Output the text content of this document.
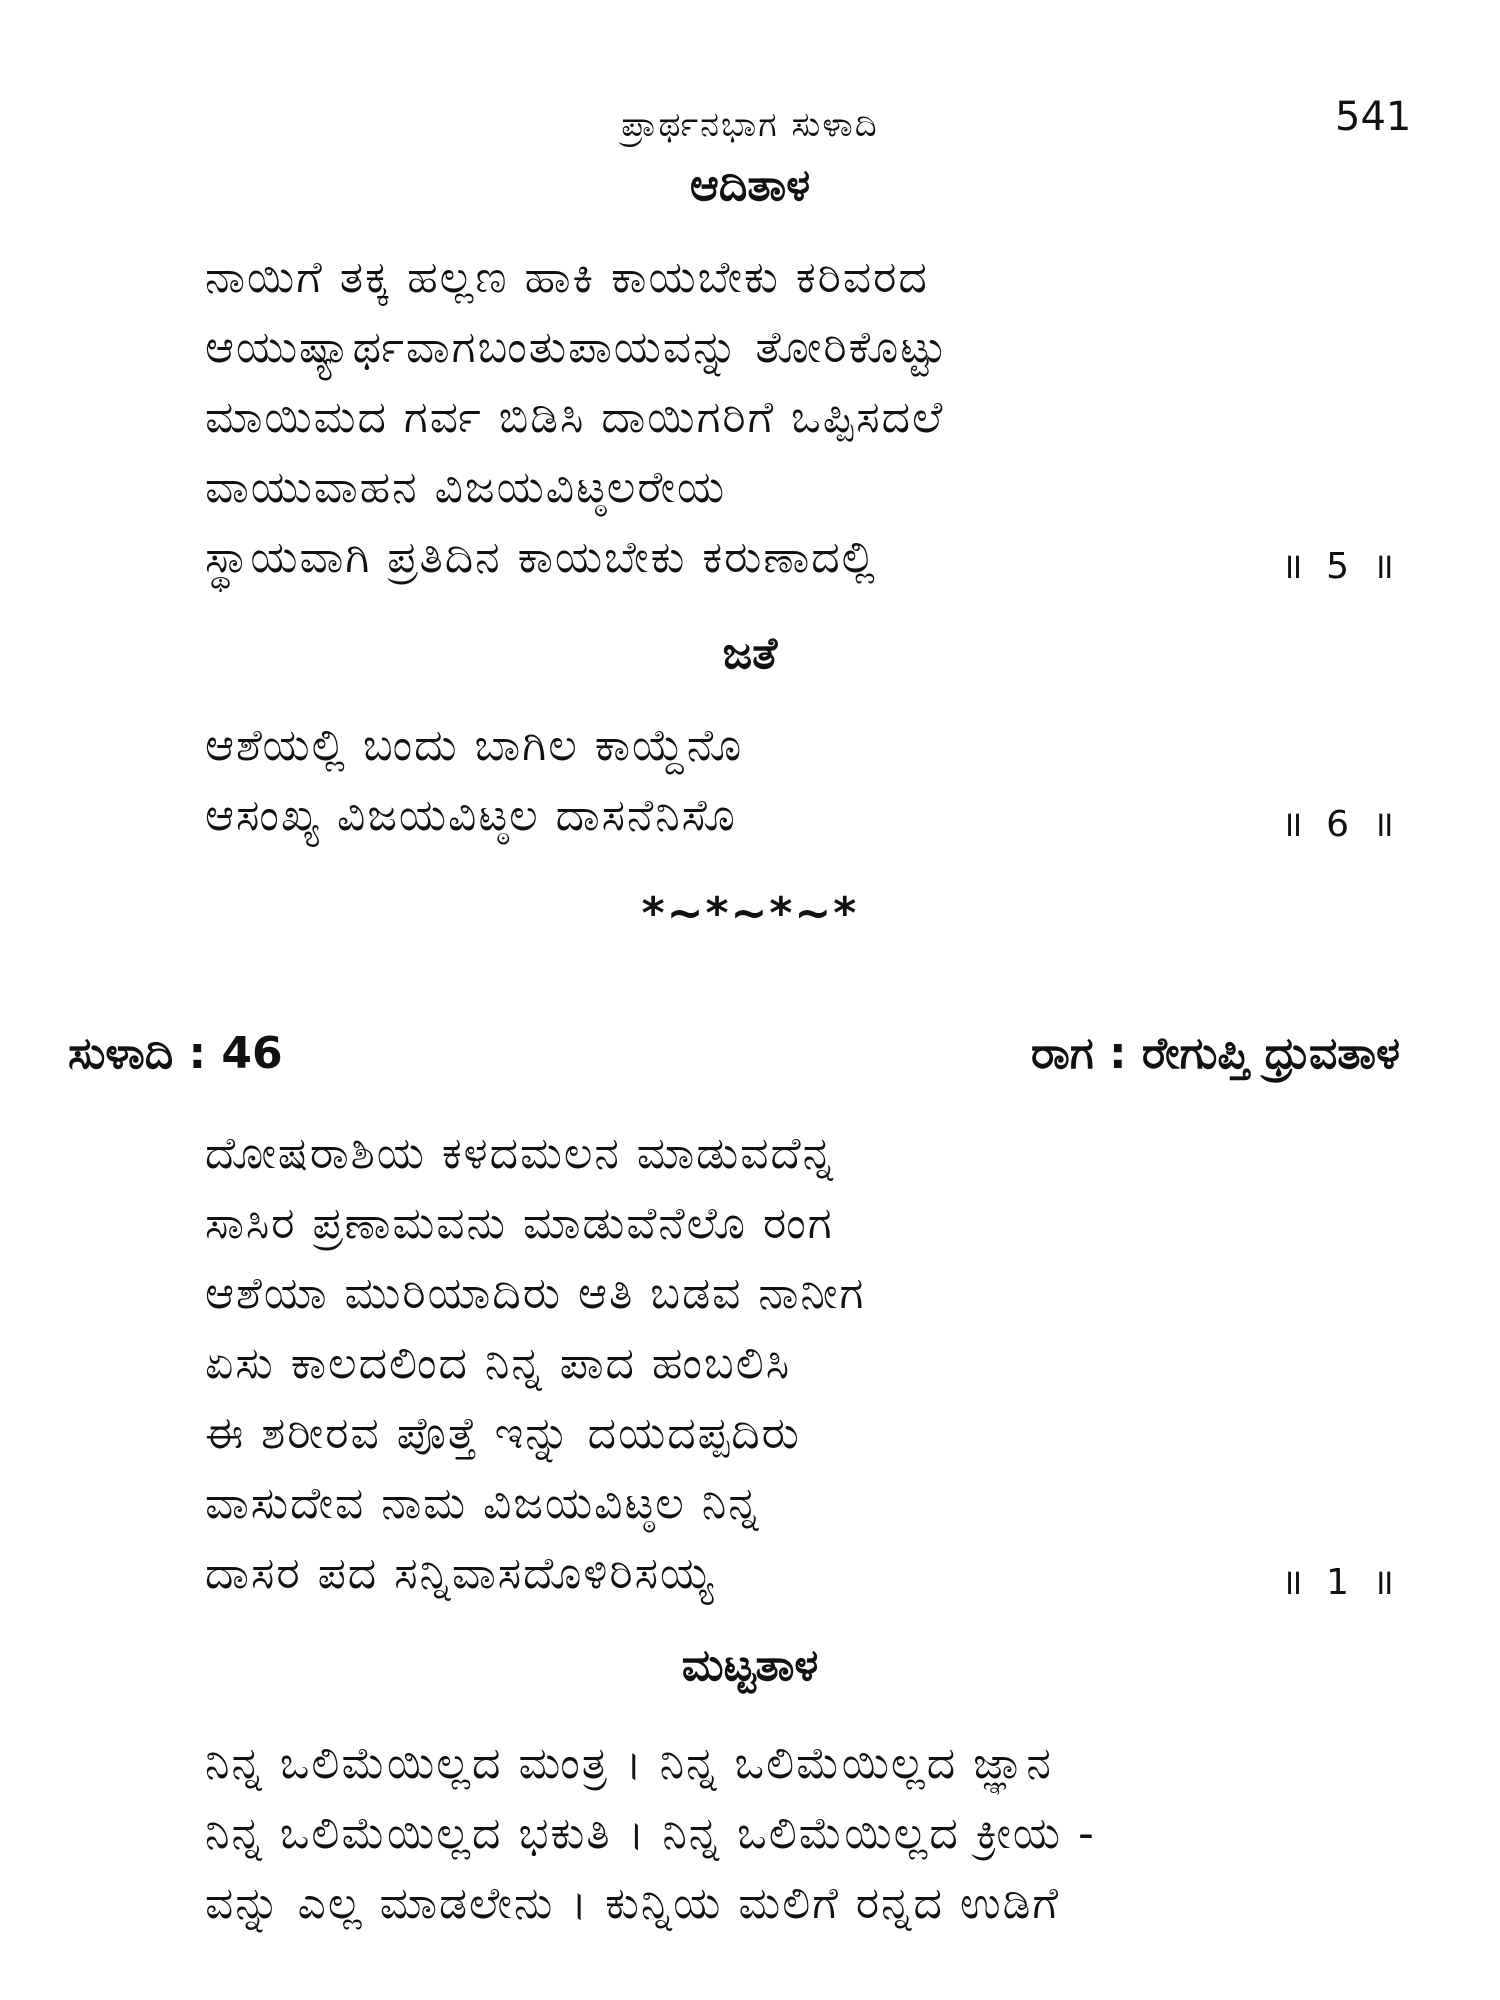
ಪ್ರಾರ್ಥನಭಾಗ ಸುಳಾದಿ	541
ಆದಿತಾಳ
ನಾಯಿಗೆ ತಕ್ಕ ಹಲ್ಲಣ ಹಾಕಿ ಕಾಯಬೇಕು ಕರಿವರದ
ಆಯುಷ್ಯಾರ್ಥವಾಗಬಂತುಪಾಯವನ್ನು ತೋರಿಕೊಟ್ಟು
ಮಾಯಿಮದ ಗರ್ವ ಬಿಡಿಸಿ ದಾಯಿಗರಿಗೆ ಒಪ್ಪಿಸದಲೆ
ವಾಯುವಾಹನ ವಿಜಯವಿಟ್ಠಲರೇಯ
ಸ್ಥಾಯವಾಗಿ ಪ್ರತಿದಿನ ಕಾಯಬೇಕು ಕರುಣಾದಲ್ಲಿ	॥ 5 ॥
ಜತೆ
ಆಶೆಯಲ್ಲಿ ಬಂದು ಬಾಗಿಲ ಕಾಯ್ದೆನೊ
ಆಸಂಖ್ಯ ವಿಜಯವಿಟ್ಠಲ ದಾಸನೆನಿಸೊ	॥ 6 ॥
*~*~*~*
ಸುಳಾದಿ : 46	ರಾಗ : ರೇಗುಪ್ತಿ ಧ್ರುವತಾಳ
ದೋಷರಾಶಿಯ ಕಳದಮಲನ ಮಾಡುವದೆನ್ನ
ಸಾಸಿರ ಪ್ರಣಾಮವನು ಮಾಡುವೆನೆಲೊ ರಂಗ
ಆಶೆಯಾ ಮುರಿಯಾದಿರು ಆತಿ ಬಡವ ನಾನೀಗ
ಏಸು ಕಾಲದಲಿಂದ ನಿನ್ನ ಪಾದ ಹಂಬಲಿಸಿ
ಈ ಶರೀರವ ಪೊತ್ತೆ ಇನ್ನು ದಯದಪ್ಪದಿರು
ವಾಸುದೇವ ನಾಮ ವಿಜಯವಿಟ್ಠಲ ನಿನ್ನ
ದಾಸರ ಪದ ಸನ್ನಿವಾಸದೊಳಿರಿಸಯ್ಯ	॥ 1 ॥
ಮಟ್ಟತಾಳ
ನಿನ್ನ ಒಲಿಮೆಯಿಲ್ಲದ ಮಂತ್ರ । ನಿನ್ನ ಒಲಿಮೆಯಿಲ್ಲದ ಜ್ಞಾನ
ನಿನ್ನ ಒಲಿಮೆಯಿಲ್ಲದ ಭಕುತಿ । ನಿನ್ನ ಒಲಿಮೆಯಿಲ್ಲದ ಕ್ರೀಯ -
ವನ್ನು ಎಲ್ಲ ಮಾಡಲೇನು । ಕುನ್ನಿಯ ಮಲಿಗೆ ರನ್ನದ ಉಡಿಗೆ
